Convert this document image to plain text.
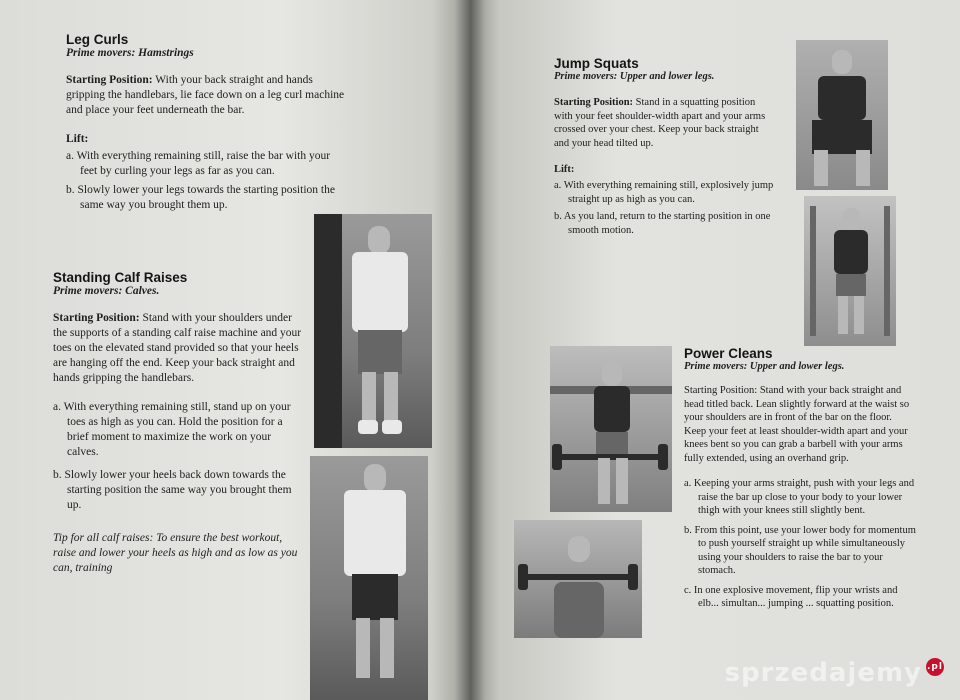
Leg Curls

Prime movers: Hamstrings

Starting Position: With your back straight and hands gripping the handlebars, lie face down on a leg curl machine and place your feet underneath the bar.

Lift:

a. With everything remaining still, raise the bar with your feet by curling your legs as far as you can.

b. Slowly lower your legs towards the starting position the same way you brought them up.

Standing Calf Raises

Prime movers: Calves.

Starting Position: Stand with your shoulders under the supports of a standing calf raise machine and your toes on the elevated stand provided so that your heels are hanging off the end. Keep your back straight and hands gripping the handlebars.

a. With everything remaining still, stand up on your toes as high as you can. Hold the position for a brief moment to maximize the work on your calves.

b. Slowly lower your heels back down towards the starting position the same way you brought them up.

Tip for all calf raises: To ensure the best workout, raise and lower your heels as high and as low as you can, training

Jump Squats

Prime movers: Upper and lower legs.

Starting Position: Stand in a squatting position with your feet shoulder-width apart and your arms crossed over your chest. Keep your back straight and your head tilted up.

Lift:

a. With everything remaining still, explosively jump straight up as high as you can.

b. As you land, return to the starting position in one smooth motion.

Power Cleans

Prime movers: Upper and lower legs.

Starting Position: Stand with your back straight and head titled back. Lean slightly forward at the waist so your shoulders are in front of the bar on the floor. Keep your feet at least shoulder-width apart and your knees bent so you can grab a barbell with your arms fully extended, using an overhand grip.

a. Keeping your arms straight, push with your legs and raise the bar up close to your body to your lower thigh with your knees still slightly bent.

b. From this point, use your lower body for momentum to push yourself straight up while simultaneously using your shoulders to raise the bar to your stomach.

c. In one explosive movement, flip your wrists and elb... simultan... jumping ... squatting position.

sprzedajemy .pl
